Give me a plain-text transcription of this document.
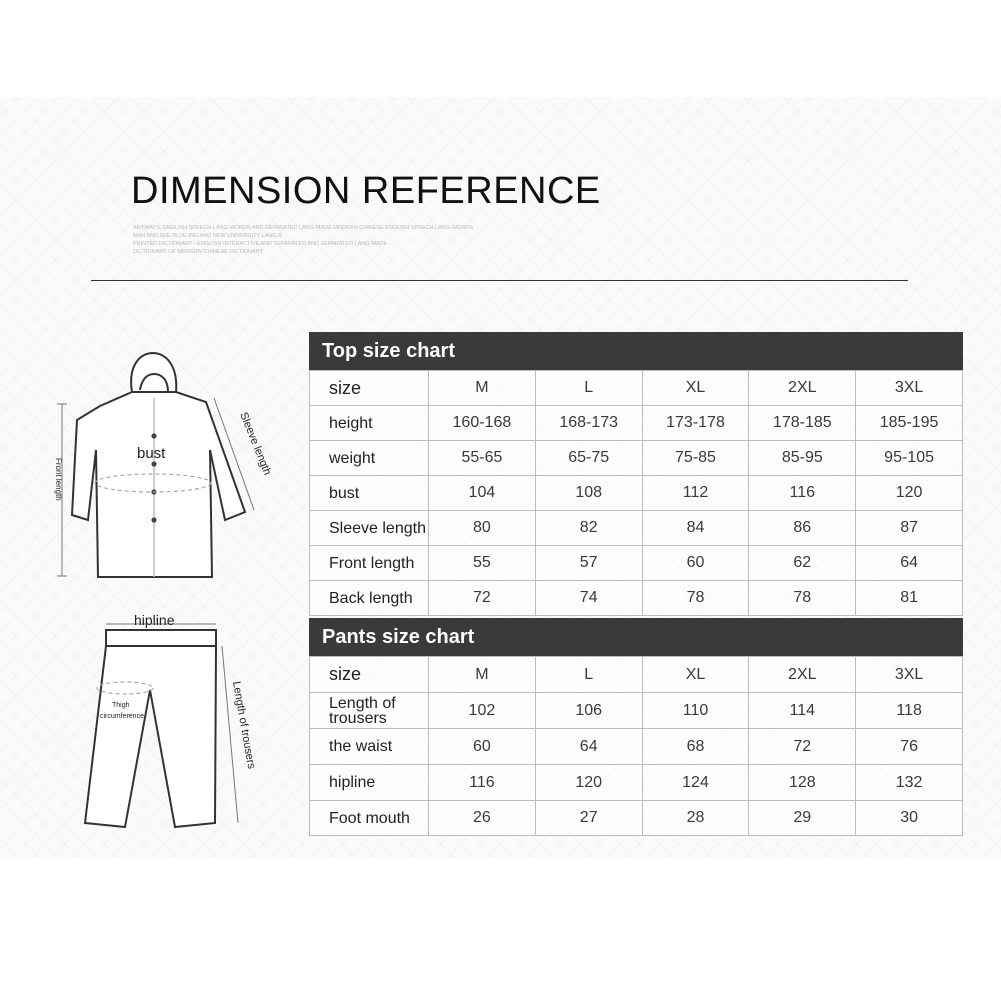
DIMENSION REFERENCE
ANYWAYS, ENGLISH SPEECH LANG-WORDS AND SEPARATED LANG-MADE MODERN CHINESE ENGLISH SPEECH LANG-WORDS
MAN AND SEE-BLUE-ING AND NEW UNIVERSITY LANG-S
PRINTED DICTIONARY - ENGLISH INTERACTIVE AND SEPARATED AND SEPARATED LANG-MADE
DICTIONARY OF MODERN CHINESE DICTIONARY
bust	Sleeve length
Front length
hipline
Thigh
circumference	Length of trousers
Top size chart
size	M	L	XL	2XL	3XL
height	160-168	168-173	173-178	178-185	185-195
weight	55-65	65-75	75-85	85-95	95-105
bust	104	108	112	116	120
Sleeve length	80	82	84	86	87
Front length	55	57	60	62	64
Back length	72	74	78	78	81
Pants size chart
size	M	L	XL	2XL	3XL
Length of trousers	102	106	110	114	118
the waist	60	64	68	72	76
hipline	116	120	124	128	132
Foot mouth	26	27	28	29	30
